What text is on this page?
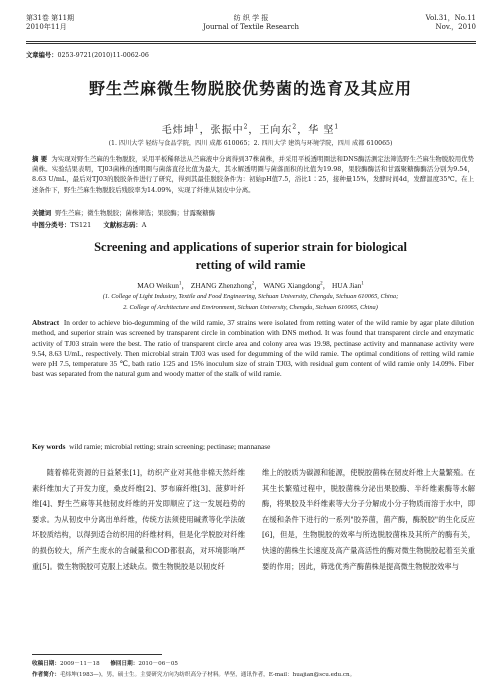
第31卷 第11期
2010年11月
纺 织 学 报
Journal of Textile Research
Vol.31，No.11
Nov.，2010
文章编号：0253-9721(2010)11-0062-06
野生苎麻微生物脱胶优势菌的选育及其应用
毛炜坤$^1$，张振中$^2$，王向东$^2$，华 坚$^1$
(1. 四川大学 轻纺与食品学院，四川 成都 610065；2. 四川大学 建筑与环境学院，四川 成都 610065)
摘 要 为实现对野生苎麻的生物脱胶，采用平板稀释法从苎麻液中分离得到37株菌株，并采用平板透明圈法和DNS酶活测定法筛选野生苎麻生物脱胶用优势菌株。实验结果表明，TJ03菌株的透明圈与菌落直径比值为最大，其水解透明圈与菌落面积的比值为19.98，果胶酶酶活和甘露聚糖酶酶活分别为9.54，8.63 U/mL，最后对TJ03的脱胶条件进行了研究，得到其最佳脱胶条件为：初始pH值7.5，浴比1∶25，接种量15%，发酵时间4d，发酵温度35℃。在上述条件下，野生苎麻生物脱胶后残胶率为14.09%，实现了纤维从韧皮中分离。
关键词 野生苎麻；微生物脱胶；菌株筛选；果胶酶；甘露聚糖酶
中图分类号：TS121 文献标志码：A
Screening and applications of superior strain for biological
retting of wild ramie
MAO Weikun$^1$， ZHANG Zhenzhong$^2$， WANG Xiangdong$^2$， HUA Jian$^1$
(1. College of Light Industry, Textile and Food Engineering, Sichuan University, Chengdu, Sichuan 610065, China;
2. College of Architecture and Environment, Sichuan University, Chengdu, Sichuan 610065, China)
Abstract In order to achieve bio-degumming of the wild ramie, 37 strains were isolated from retting water of the wild ramie by agar plate dilution method, and superior strain was screened by transparent circle in combination with DNS method. It was found that transparent circle and enzymatic activity of TJ03 strain were the best. The ratio of transparent circle area and colony area was 19.98, pectinase activity and mannanase activity were 9.54, 8.63 U/mL, respectively. Then microbial strain TJ03 was used for degumming of the wild ramie. The optimal conditions of retting wild ramie were pH 7.5, temperature 35 ℃, bath ratio 1∶25 and 15% inoculum size of strain TJ03, with residual gum content of wild ramie only 14.09%. Fiber bast was separated from the natural gum and woody matter of the stalk of wild ramie.
Key words wild ramie; microbial retting; strain screening; pectinase; mannanase
随着棉花资源的日益紧张[1]，纺织产业对其他非棉天然纤维素纤维加大了开发力度，桑皮纤维[2]、罗布麻纤维[3]、菠萝叶纤维[4]、野生苎麻等其他韧皮纤维的开发即顺应了这一发展趋势的要求。为从韧皮中分离出单纤维，传统方法须使用碱煮等化学法破坏胶质结构，以得到适合纺织用的纤维材料，但是化学脱胶对纤维的损伤较大，所产生废水的含碱量和COD都很高，对环境影响严重[5]。微生物脱胶可克服上述缺点。微生物脱胶是以韧皮纤
维上的胶质为碳源和能源，使脱胶菌株在韧皮纤维上大量繁殖。在其生长繁殖过程中，脱胶菌株分泌出果胶酶、半纤维素酶等水解酶，将果胶及半纤维素等大分子分解成小分子物质而溶于水中，即在缓和条件下进行的一系列"胶养菌，菌产酶，酶脱胶"的生化反应[6]，但是，生物脱胶的效率与所选脱胶菌株及其所产的酶有关，快速的菌株生长速度及高产量高活性的酶对微生物脱胶起着至关重要的作用；因此，筛选优秀产酶菌株是提高微生物脱胶效率与
收稿日期：2009－11－18 修回日期：2010－06－05
作者简介：毛炜坤(1983—)，男，硕士生。主要研究方向为纺织高分子材料。华坚，通讯作者，E-mail：huajian@scu.edu.cn。
